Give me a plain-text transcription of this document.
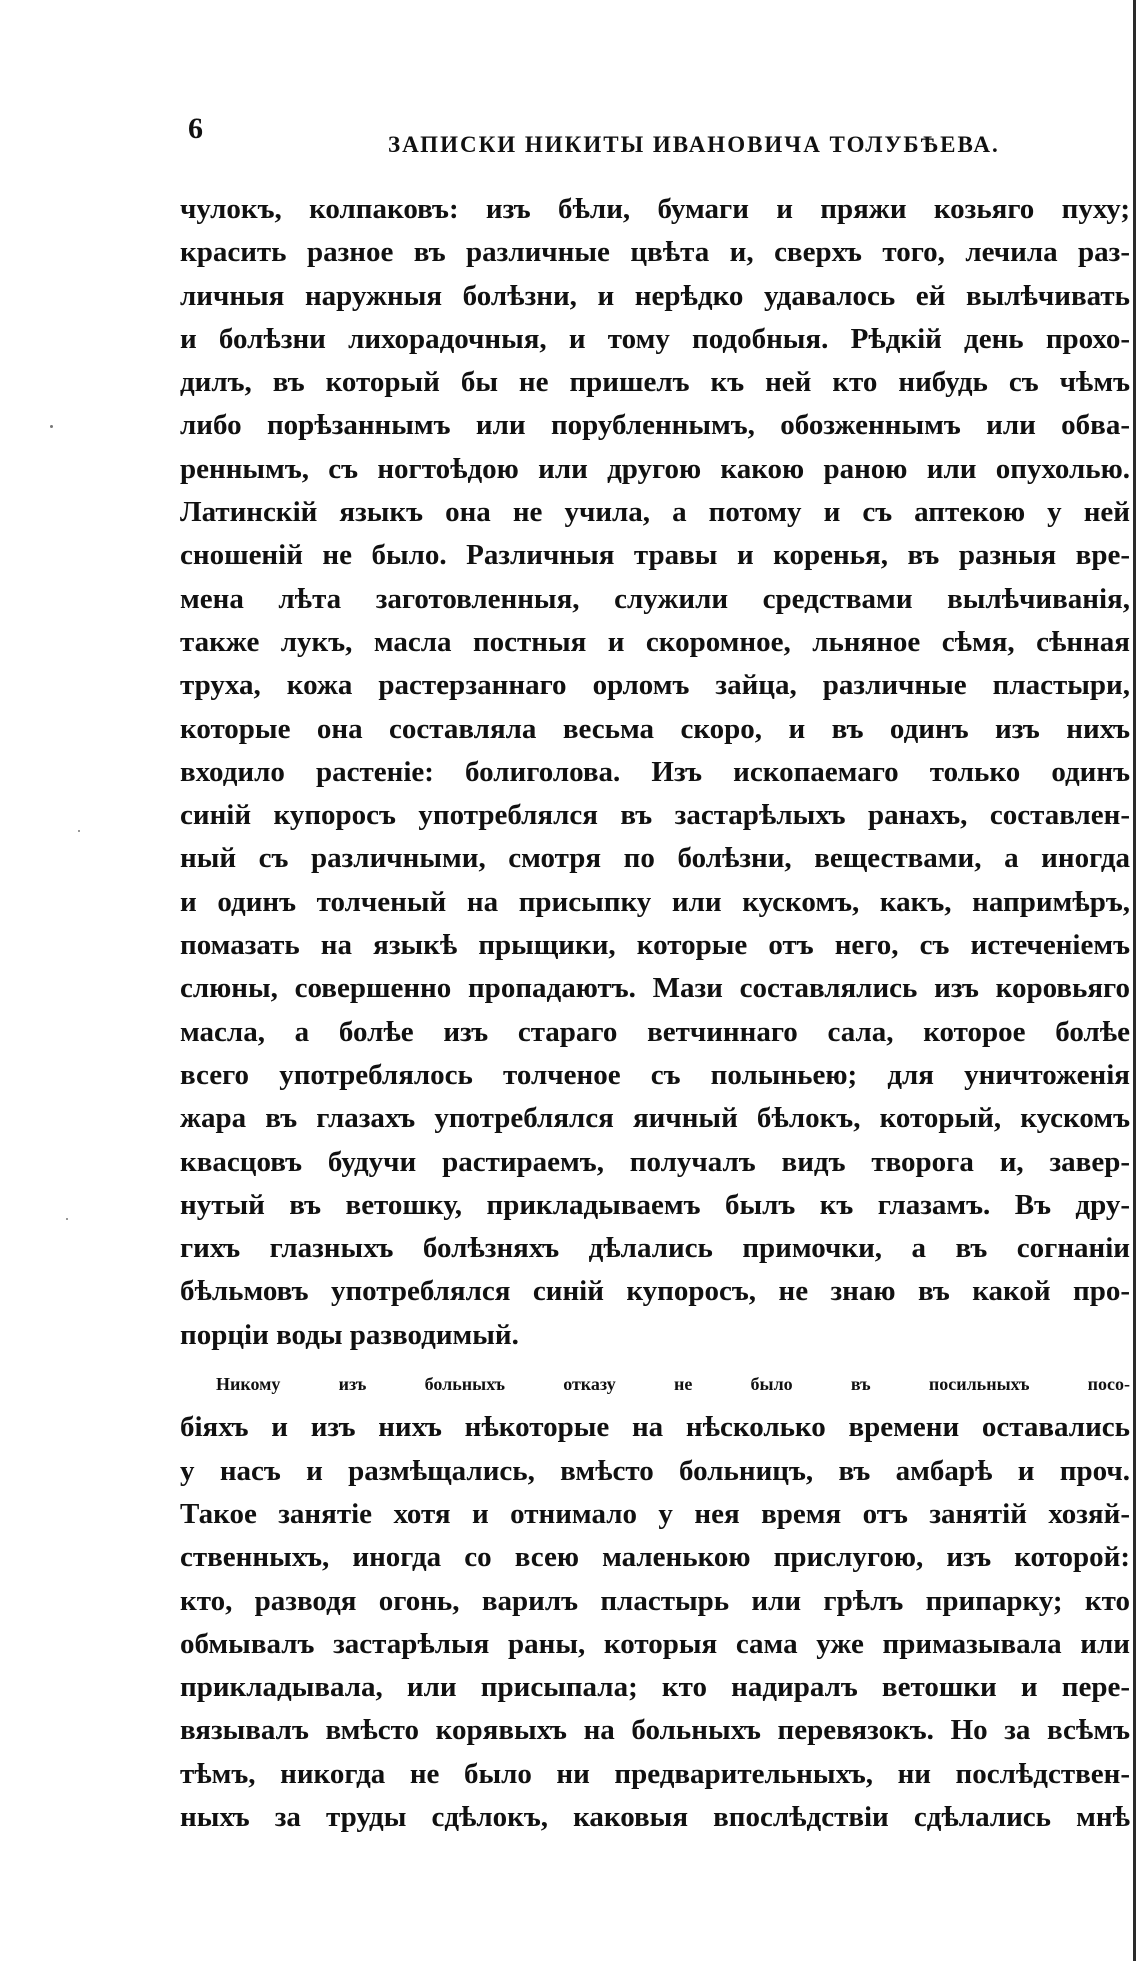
6	ЗАПИСКИ НИКИТЫ ИВАНОВИЧА ТОЛУБѢЕВА.
чулокъ, колпаковъ: изъ бѣли, бумаги и пряжи козьяго пуху;
красить разное въ различные цвѣта и, сверхъ того, лечила раз-
личныя наружныя болѣзни, и нерѣдко удавалось ей вылѣчивать
и болѣзни лихорадочныя, и тому подобныя. Рѣдкій день прохо-
дилъ, въ который бы не пришелъ къ ней кто нибудь съ чѣмъ
либо порѣзаннымъ или порубленнымъ, обозженнымъ или обва-
реннымъ, съ ногтоѣдою или другою какою раною или опухолью.
Латинскій языкъ она не учила, а потому и съ аптекою у ней
сношеній не было. Различныя травы и коренья, въ разныя вре-
мена лѣта заготовленныя, служили средствами вылѣчиванія,
также лукъ, масла постныя и скоромное, льняное сѣмя, сѣнная
труха, кожа растерзаннаго орломъ зайца, различные пластыри,
которые она составляла весьма скоро, и въ одинъ изъ нихъ
входило растеніе: болиголова. Изъ ископаемаго только одинъ
синій купоросъ употреблялся въ застарѣлыхъ ранахъ, составлен-
ный съ различными, смотря по болѣзни, веществами, а иногда
и одинъ толченый на присыпку или кускомъ, какъ, напримѣръ,
помазать на языкѣ прыщики, которые отъ него, съ истеченіемъ
слюны, совершенно пропадаютъ. Мази составлялись изъ коровьяго
масла, а болѣе изъ стараго ветчиннаго сала, которое болѣе
всего употреблялось толченое съ полыньею; для уничтоженія
жара въ глазахъ употреблялся яичный бѣлокъ, который, кускомъ
квасцовъ будучи растираемъ, получалъ видъ творога и, завер-
нутый въ ветошку, прикладываемъ былъ къ глазамъ. Въ дру-
гихъ глазныхъ болѣзняхъ дѣлались примочки, а въ согнаніи
бѣльмовъ употреблялся синій купоросъ, не знаю въ какой про-
порціи воды разводимый.
Никому изъ больныхъ отказу не было въ посильныхъ посо-
біяхъ и изъ нихъ нѣкоторые на нѣсколько времени оставались
у насъ и размѣщались, вмѣсто больницъ, въ амбарѣ и проч.
Такое занятіе хотя и отнимало у нея время отъ занятій хозяй-
ственныхъ, иногда со всею маленькою прислугою, изъ которой:
кто, разводя огонь, варилъ пластырь или грѣлъ припарку; кто
обмывалъ застарѣлыя раны, которыя сама уже примазывала или
прикладывала, или присыпала; кто надиралъ ветошки и пере-
вязывалъ вмѣсто корявыхъ на больныхъ перевязокъ. Но за всѣмъ
тѣмъ, никогда не было ни предварительныхъ, ни послѣдствен-
ныхъ за труды сдѣлокъ, каковыя впослѣдствіи сдѣлались мнѣ
